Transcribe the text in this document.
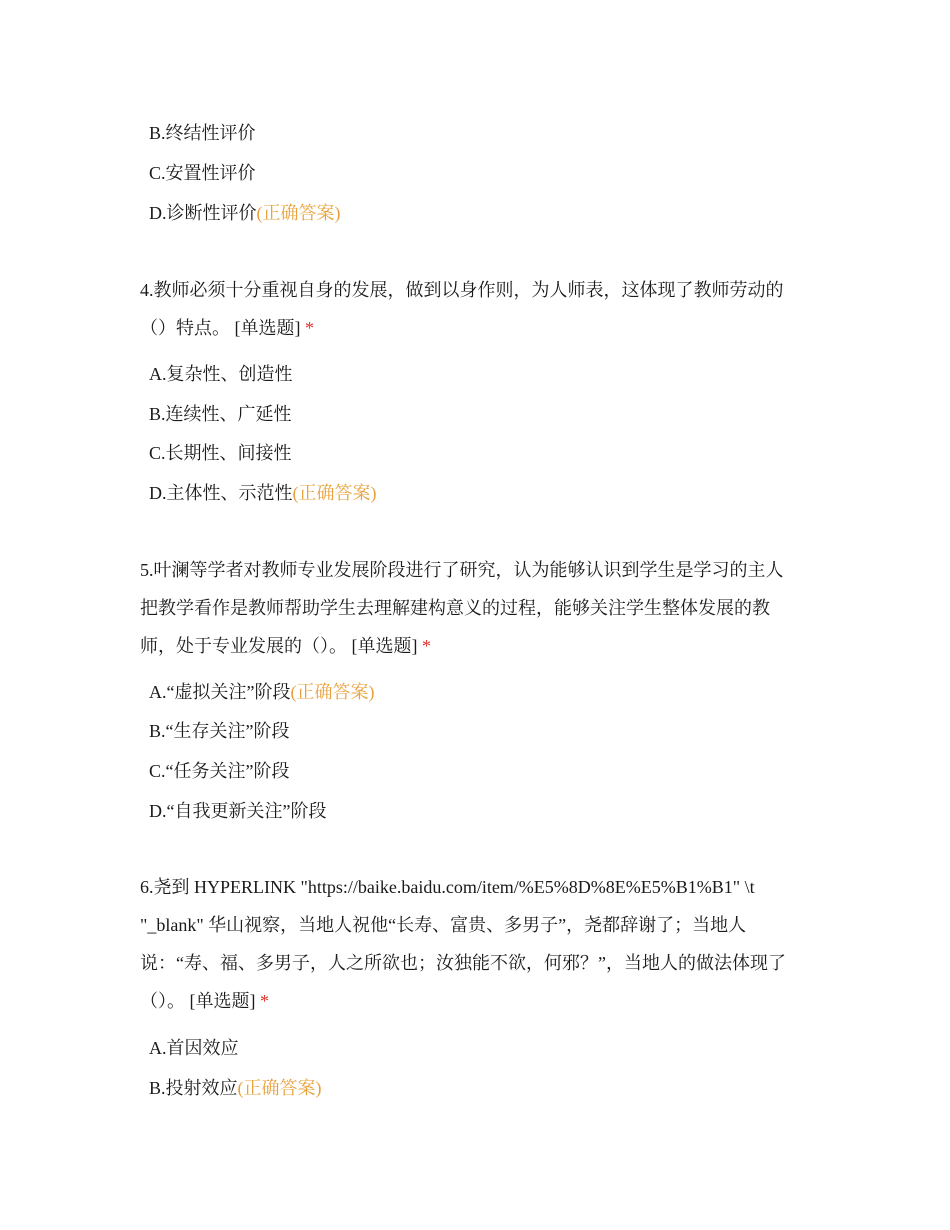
B.终结性评价
C.安置性评价
D.诊断性评价(正确答案)
4.教师必须十分重视自身的发展，做到以身作则，为人师表，这体现了教师劳动的
（）特点。 [单选题] *
A.复杂性、创造性
B.连续性、广延性
C.长期性、间接性
D.主体性、示范性(正确答案)
5.叶澜等学者对教师专业发展阶段进行了研究，认为能够认识到学生是学习的主人
把教学看作是教师帮助学生去理解建构意义的过程，能够关注学生整体发展的教
师，处于专业发展的（）。 [单选题] *
A.“虚拟关注”阶段(正确答案)
B.“生存关注”阶段
C.“任务关注”阶段
D.“自我更新关注”阶段
6.尧到 HYPERLINK "https://baike.baidu.com/item/%E5%8D%8E%E5%B1%B1" \t
"_blank" 华山视察，当地人祝他“长寿、富贵、多男子”，尧都辞谢了；当地人
说：“寿、福、多男子，人之所欲也；汝独能不欲，何邪？”，当地人的做法体现了
（）。 [单选题] *
A.首因效应
B.投射效应(正确答案)
